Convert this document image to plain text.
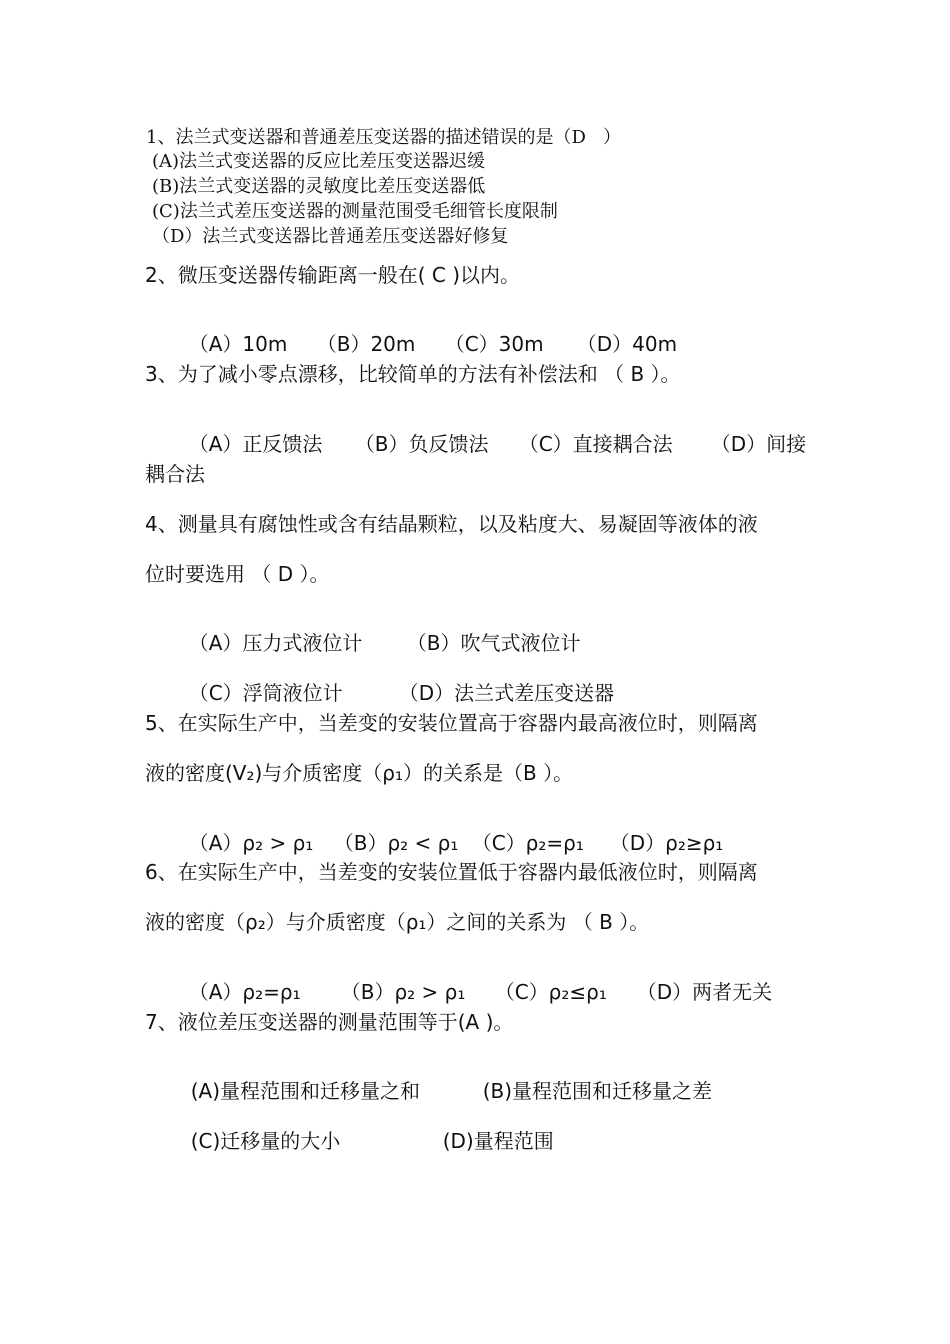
1、法兰式变送器和普通差压变送器的描述错误的是（D   ）
(A)法兰式变送器的反应比差压变送器迟缓
(B)法兰式变送器的灵敏度比差压变送器低
(C)法兰式差压变送器的测量范围受毛细管长度限制
（D）法兰式变送器比普通差压变送器好修复
2、微压变送器传输距离一般在( C )以内。

（A）10m （B）20m （C）30m （D）40m

3、为了减小零点漂移，比较简单的方法有补偿法和 （ B ）。

（A）正反馈法 （B）负反馈法 （C）直接耦合法 （D）间接

耦合法
4、测量具有腐蚀性或含有结晶颗粒，以及粘度大、易凝固等液体的液
位时要选用 （ D ）。

（A）压力式液位计 （B）吹气式液位计

（C）浮筒液位计	（D）法兰式差压变送器

5、在实际生产中，当差变的安装位置高于容器内最高液位时，则隔离
液的密度(V₂)与介质密度（ρ₁）的关系是（B ）。

（A）ρ₂ > ρ₁ （B）ρ₂ < ρ₁ （C）ρ₂=ρ₁ （D）ρ₂≥ρ₁

6、在实际生产中，当差变的安装位置低于容器内最低液位时，则隔离
液的密度（ρ₂）与介质密度（ρ₁）之间的关系为 （ B ）。

（A）ρ₂=ρ₁ （B）ρ₂ > ρ₁ （C）ρ₂≤ρ₁ （D）两者无关

7、液位差压变送器的测量范围等于(A )。

(A)量程范围和迁移量之和	(B)量程范围和迁移量之差

(C)迁移量的大小	(D)量程范围
